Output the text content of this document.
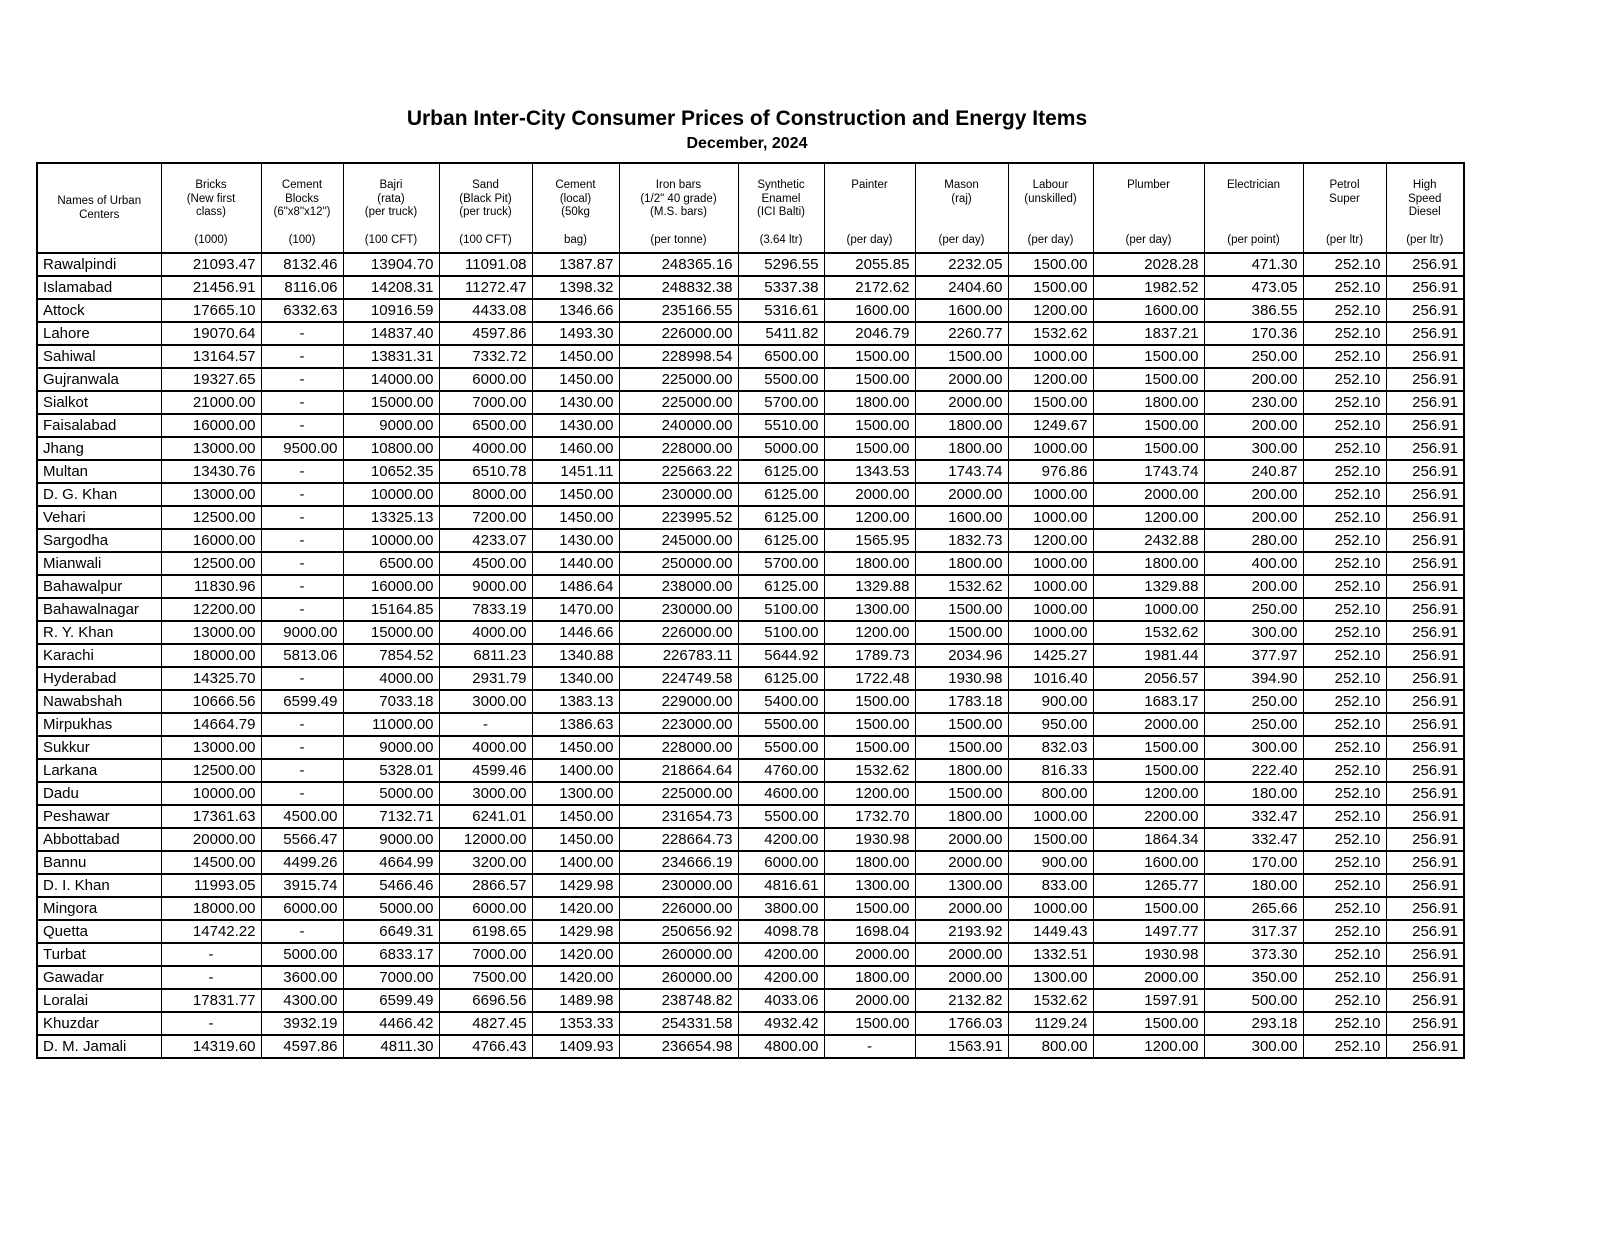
Urban Inter-City Consumer Prices of Construction and Energy Items
December, 2024
Names of Urban
Centers

Bricks
(New first
class)
(1000)

Cement
Blocks
(6"x8"x12")
(100)

Bajri
(rata)
(per truck)
(100 CFT)

Sand
(Black Pit)
(per truck)
(100 CFT)

Cement
(local)
(50kg
bag)

Iron bars
(1/2" 40 grade)
(M.S. bars)
(per tonne)

Synthetic
Enamel
(ICI Balti)
(3.64 ltr)

Painter
(per day)

Mason
(raj)
(per day)

Labour
(unskilled)
(per day)

Plumber
(per day)

Electrician
(per point)

Petrol
Super
(per ltr)

High
Speed
Diesel
(per ltr)

Rawalpindi	21093.47	8132.46	13904.70	11091.08	1387.87	248365.16	5296.55	2055.85	2232.05	1500.00	2028.28	471.30	252.10	256.91
Islamabad	21456.91	8116.06	14208.31	11272.47	1398.32	248832.38	5337.38	2172.62	2404.60	1500.00	1982.52	473.05	252.10	256.91
Attock	17665.10	6332.63	10916.59	4433.08	1346.66	235166.55	5316.61	1600.00	1600.00	1200.00	1600.00	386.55	252.10	256.91
Lahore	19070.64	-	14837.40	4597.86	1493.30	226000.00	5411.82	2046.79	2260.77	1532.62	1837.21	170.36	252.10	256.91
Sahiwal	13164.57	-	13831.31	7332.72	1450.00	228998.54	6500.00	1500.00	1500.00	1000.00	1500.00	250.00	252.10	256.91
Gujranwala	19327.65	-	14000.00	6000.00	1450.00	225000.00	5500.00	1500.00	2000.00	1200.00	1500.00	200.00	252.10	256.91
Sialkot	21000.00	-	15000.00	7000.00	1430.00	225000.00	5700.00	1800.00	2000.00	1500.00	1800.00	230.00	252.10	256.91
Faisalabad	16000.00	-	9000.00	6500.00	1430.00	240000.00	5510.00	1500.00	1800.00	1249.67	1500.00	200.00	252.10	256.91
Jhang	13000.00	9500.00	10800.00	4000.00	1460.00	228000.00	5000.00	1500.00	1800.00	1000.00	1500.00	300.00	252.10	256.91
Multan	13430.76	-	10652.35	6510.78	1451.11	225663.22	6125.00	1343.53	1743.74	976.86	1743.74	240.87	252.10	256.91
D. G. Khan	13000.00	-	10000.00	8000.00	1450.00	230000.00	6125.00	2000.00	2000.00	1000.00	2000.00	200.00	252.10	256.91
Vehari	12500.00	-	13325.13	7200.00	1450.00	223995.52	6125.00	1200.00	1600.00	1000.00	1200.00	200.00	252.10	256.91
Sargodha	16000.00	-	10000.00	4233.07	1430.00	245000.00	6125.00	1565.95	1832.73	1200.00	2432.88	280.00	252.10	256.91
Mianwali	12500.00	-	6500.00	4500.00	1440.00	250000.00	5700.00	1800.00	1800.00	1000.00	1800.00	400.00	252.10	256.91
Bahawalpur	11830.96	-	16000.00	9000.00	1486.64	238000.00	6125.00	1329.88	1532.62	1000.00	1329.88	200.00	252.10	256.91
Bahawalnagar	12200.00	-	15164.85	7833.19	1470.00	230000.00	5100.00	1300.00	1500.00	1000.00	1000.00	250.00	252.10	256.91
R. Y. Khan	13000.00	9000.00	15000.00	4000.00	1446.66	226000.00	5100.00	1200.00	1500.00	1000.00	1532.62	300.00	252.10	256.91
Karachi	18000.00	5813.06	7854.52	6811.23	1340.88	226783.11	5644.92	1789.73	2034.96	1425.27	1981.44	377.97	252.10	256.91
Hyderabad	14325.70	-	4000.00	2931.79	1340.00	224749.58	6125.00	1722.48	1930.98	1016.40	2056.57	394.90	252.10	256.91
Nawabshah	10666.56	6599.49	7033.18	3000.00	1383.13	229000.00	5400.00	1500.00	1783.18	900.00	1683.17	250.00	252.10	256.91
Mirpukhas	14664.79	-	11000.00	-	1386.63	223000.00	5500.00	1500.00	1500.00	950.00	2000.00	250.00	252.10	256.91
Sukkur	13000.00	-	9000.00	4000.00	1450.00	228000.00	5500.00	1500.00	1500.00	832.03	1500.00	300.00	252.10	256.91
Larkana	12500.00	-	5328.01	4599.46	1400.00	218664.64	4760.00	1532.62	1800.00	816.33	1500.00	222.40	252.10	256.91
Dadu	10000.00	-	5000.00	3000.00	1300.00	225000.00	4600.00	1200.00	1500.00	800.00	1200.00	180.00	252.10	256.91
Peshawar	17361.63	4500.00	7132.71	6241.01	1450.00	231654.73	5500.00	1732.70	1800.00	1000.00	2200.00	332.47	252.10	256.91
Abbottabad	20000.00	5566.47	9000.00	12000.00	1450.00	228664.73	4200.00	1930.98	2000.00	1500.00	1864.34	332.47	252.10	256.91
Bannu	14500.00	4499.26	4664.99	3200.00	1400.00	234666.19	6000.00	1800.00	2000.00	900.00	1600.00	170.00	252.10	256.91
D. I. Khan	11993.05	3915.74	5466.46	2866.57	1429.98	230000.00	4816.61	1300.00	1300.00	833.00	1265.77	180.00	252.10	256.91
Mingora	18000.00	6000.00	5000.00	6000.00	1420.00	226000.00	3800.00	1500.00	2000.00	1000.00	1500.00	265.66	252.10	256.91
Quetta	14742.22	-	6649.31	6198.65	1429.98	250656.92	4098.78	1698.04	2193.92	1449.43	1497.77	317.37	252.10	256.91
Turbat	-	5000.00	6833.17	7000.00	1420.00	260000.00	4200.00	2000.00	2000.00	1332.51	1930.98	373.30	252.10	256.91
Gawadar	-	3600.00	7000.00	7500.00	1420.00	260000.00	4200.00	1800.00	2000.00	1300.00	2000.00	350.00	252.10	256.91
Loralai	17831.77	4300.00	6599.49	6696.56	1489.98	238748.82	4033.06	2000.00	2132.82	1532.62	1597.91	500.00	252.10	256.91
Khuzdar	-	3932.19	4466.42	4827.45	1353.33	254331.58	4932.42	1500.00	1766.03	1129.24	1500.00	293.18	252.10	256.91
D. M. Jamali	14319.60	4597.86	4811.30	4766.43	1409.93	236654.98	4800.00	-	1563.91	800.00	1200.00	300.00	252.10	256.91
